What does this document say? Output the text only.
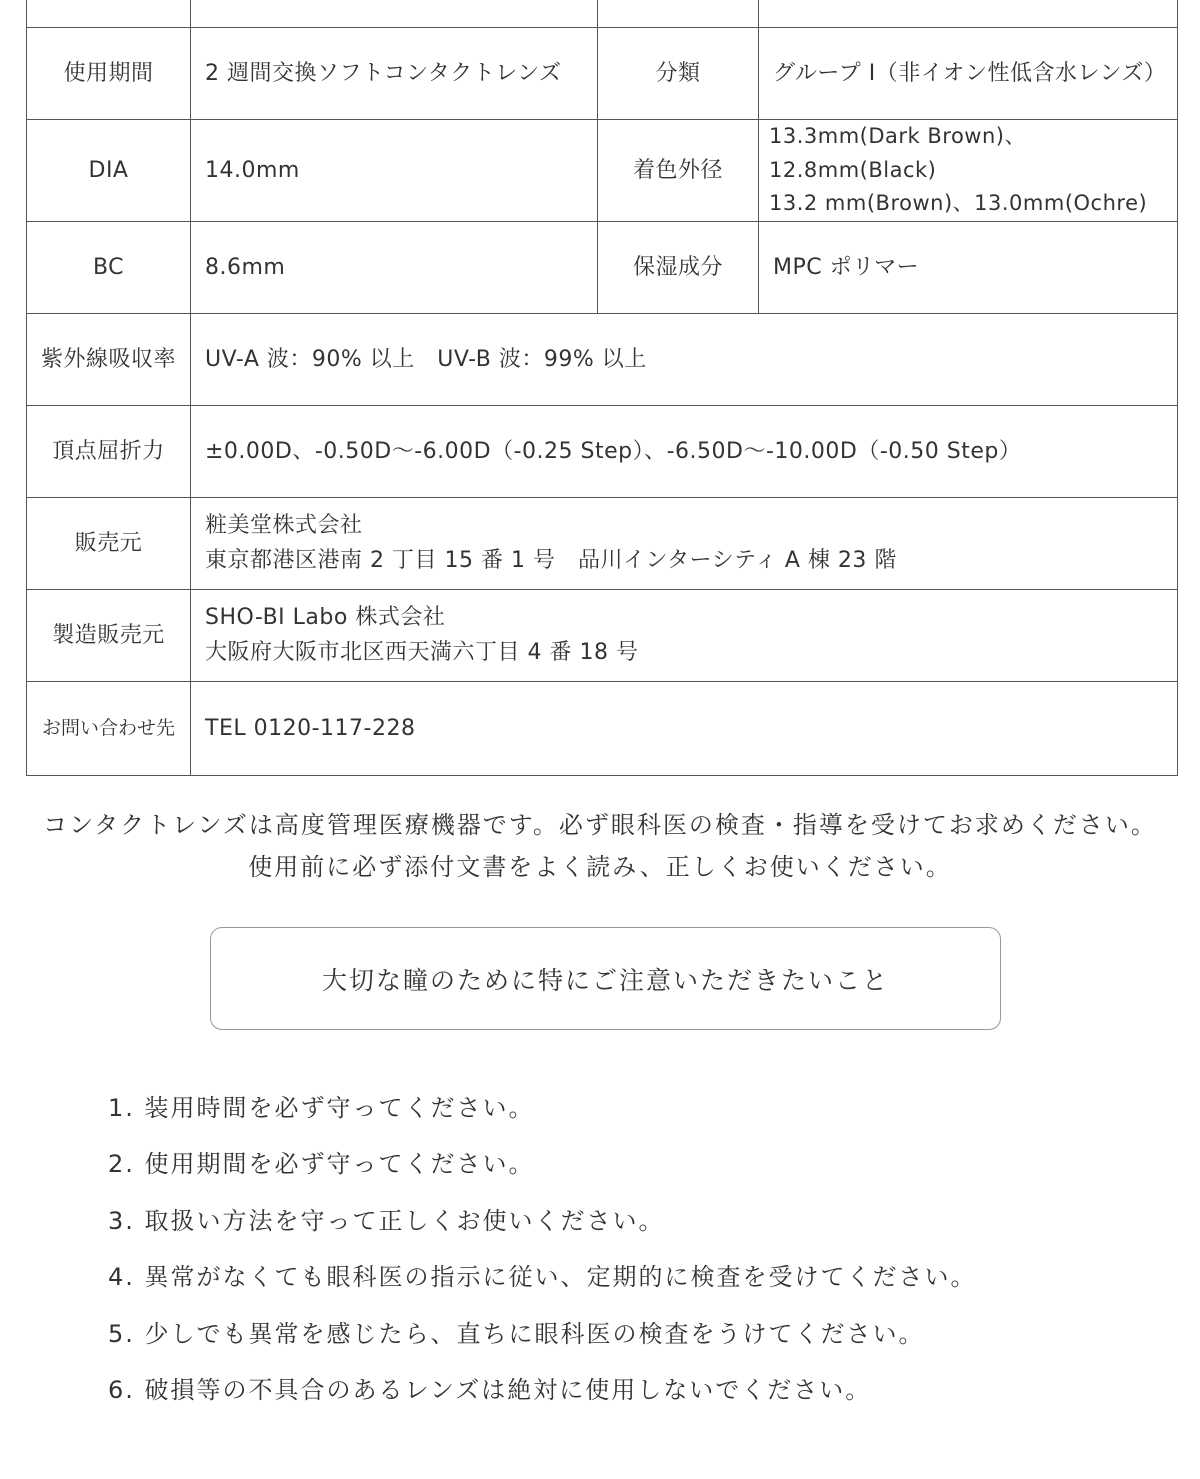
使用期間	2 週間交換ソフトコンタクトレンズ	分類	グループ I（非イオン性低含水レンズ）
DIA	14.0mm	着色外径	13.3mm(Dark Brown)、12.8mm(Black)
13.2 mm(Brown)、13.0mm(Ochre)

BC	8.6mm	保湿成分	MPC ポリマー
紫外線吸収率	UV-A 波：90% 以上　UV-B 波：99% 以上		

頂点屈折力	±0.00D、-0.50D〜-6.00D（-0.25 Step）、-6.50D〜-10.00D（-0.50 Step）		

販売元	粧美堂株式会社
東京都港区港南 2 丁目 15 番 1 号　品川インターシティ A 棟 23 階		

製造販売元	SHO-BI Labo 株式会社
大阪府大阪市北区西天満六丁目 4 番 18 号		

お問い合わせ先	TEL 0120-117-228		
コンタクトレンズは高度管理医療機器です。必ず眼科医の検査・指導を受けてお求めください。
使用前に必ず添付文書をよく読み、正しくお使いください。
大切な瞳のために特にご注意いただきたいこと
1. 装用時間を必ず守ってください。
2. 使用期間を必ず守ってください。
3. 取扱い方法を守って正しくお使いください。
4. 異常がなくても眼科医の指示に従い、定期的に検査を受けてください。
5. 少しでも異常を感じたら、直ちに眼科医の検査をうけてください。
6. 破損等の不具合のあるレンズは絶対に使用しないでください。
